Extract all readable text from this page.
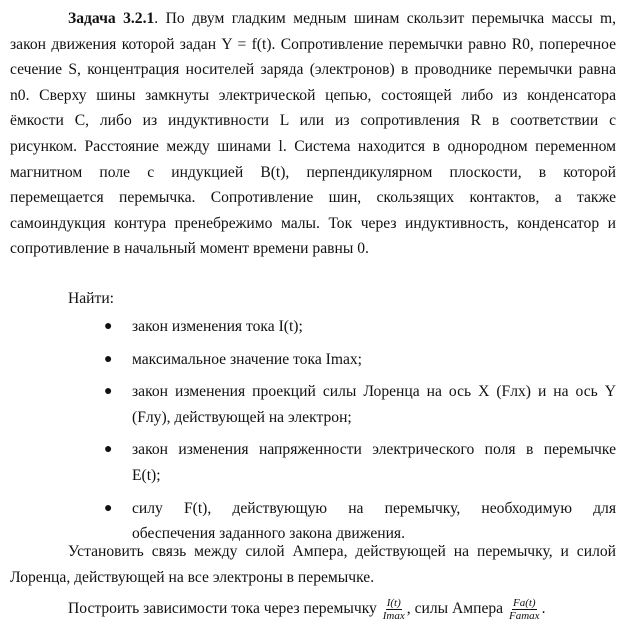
Задача 3.2.1. По двум гладким медным шинам скользит перемычка массы m,
закон движения которой задан Y = f(t). Сопротивление перемычки равно R0, поперечное
сечение S, концентрация носителей заряда (электронов) в проводнике перемычки равна
n0. Сверху шины замкнуты электрической цепью, состоящей либо из конденсатора
ёмкости C, либо из индуктивности L или из сопротивления R в соответствии с
рисунком. Расстояние между шинами l. Система находится в однородном переменном
магнитном поле с индукцией B(t), перпендикулярном плоскости, в которой
перемещается перемычка. Сопротивление шин, скользящих контактов, а также
самоиндукция контура пренебрежимо малы. Ток через индуктивность, конденсатор и
сопротивление в начальный момент времени равны 0.
Найти:
● закон изменения тока I(t);
● максимальное значение тока Imax;
● закон изменения проекций силы Лоренца на ось X (Fлx) и на ось Y
(Fлy), действующей на электрон;
● закон изменения напряженности электрического поля в перемычке
E(t);
● силу F(t), действующую на перемычку, необходимую для
обеспечения заданного закона движения.
Установить связь между силой Ампера, действующей на перемычку, и силой
Лоренца, действующей на все электроны в перемычке.
Построить зависимости тока через перемычку $\frac{I(t)}{Imax}$ , силы Ампера $\frac{Fa(t)}{Famax}$ .
